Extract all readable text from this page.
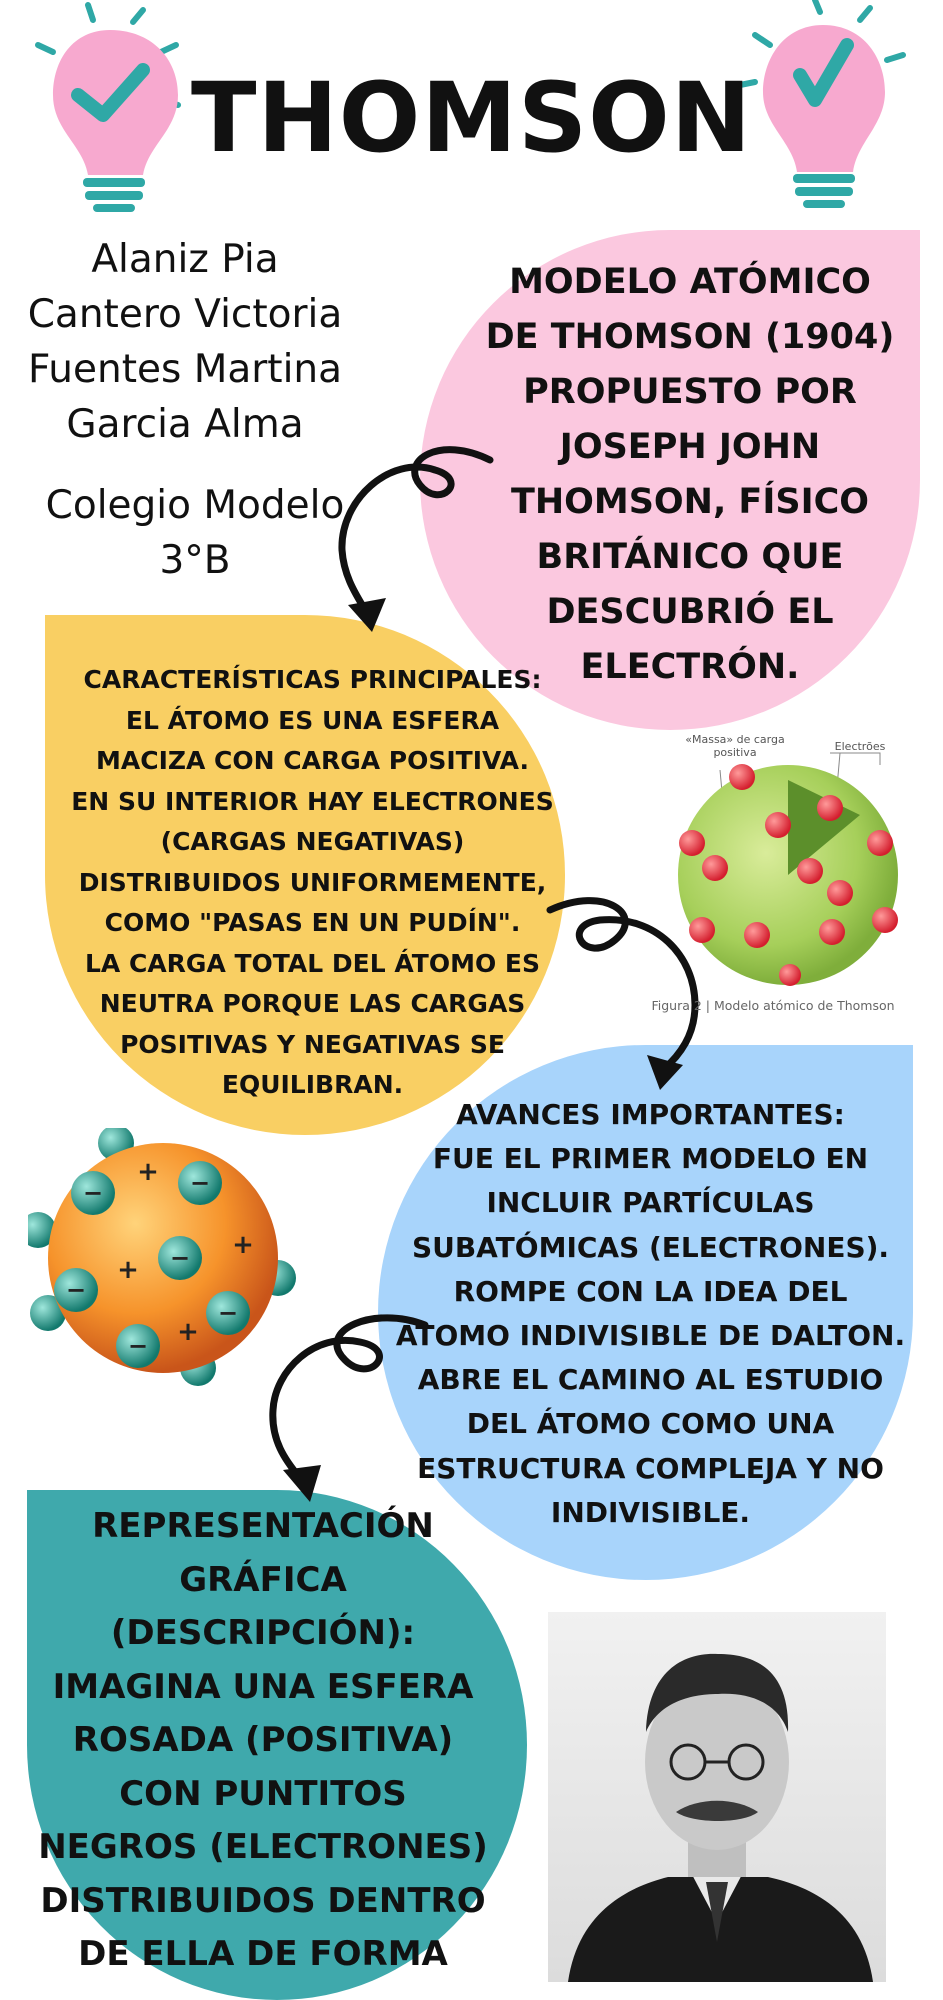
THOMSON
Alaniz Pia
Cantero Victoria
Fuentes Martina
Garcia Alma
Colegio Modelo
3°B
MODELO ATÓMICO
DE THOMSON (1904)
PROPUESTO POR
JOSEPH JOHN
THOMSON, FÍSICO
BRITÁNICO QUE
DESCUBRIÓ EL
ELECTRÓN.
CARACTERÍSTICAS PRINCIPALES:
EL ÁTOMO ES UNA ESFERA
MACIZA CON CARGA POSITIVA.
EN SU INTERIOR HAY ELECTRONES
(CARGAS NEGATIVAS)
DISTRIBUIDOS UNIFORMEMENTE,
COMO "PASAS EN UN PUDÍN".
LA CARGA TOTAL DEL ÁTOMO ES
NEUTRA PORQUE LAS CARGAS
POSITIVAS Y NEGATIVAS SE
EQUILIBRAN.
AVANCES IMPORTANTES:
FUE EL PRIMER MODELO EN
INCLUIR PARTÍCULAS
SUBATÓMICAS (ELECTRONES).
ROMPE CON LA IDEA DEL
ÁTOMO INDIVISIBLE DE DALTON.
ABRE EL CAMINO AL ESTUDIO
DEL ÁTOMO COMO UNA
ESTRUCTURA COMPLEJA Y NO
INDIVISIBLE.
REPRESENTACIÓN
GRÁFICA
(DESCRIPCIÓN):
IMAGINA UNA ESFERA
ROSADA (POSITIVA)
CON PUNTITOS
NEGROS (ELECTRONES)
DISTRIBUIDOS DENTRO
DE ELLA DE FORMA
«Massa» de carga
positiva	Electrões
Figura 2 | Modelo atómico de Thomson
−	−
−
−
−
−
+
+
+
+
